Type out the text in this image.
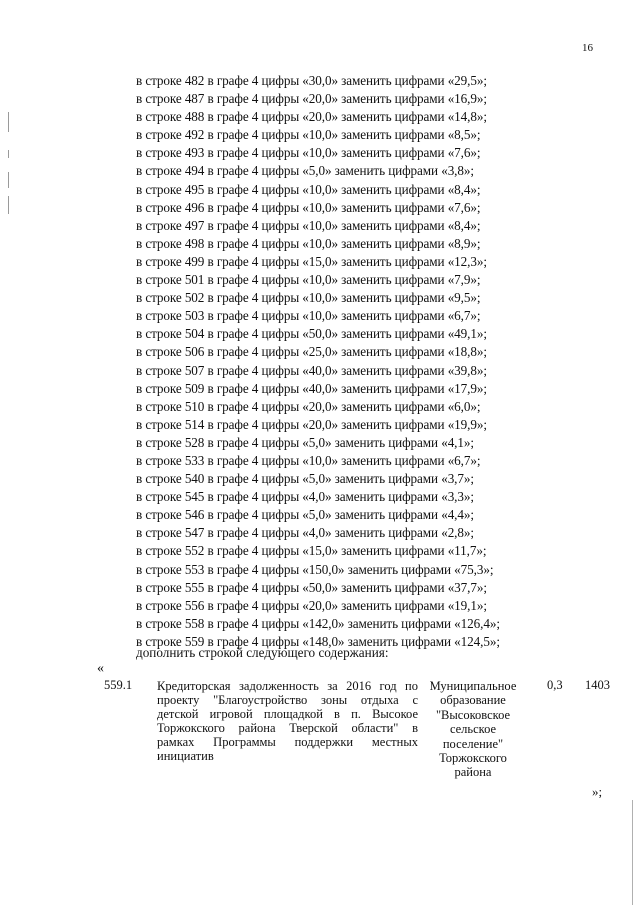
16
в строке 482 в графе 4 цифры «30,0» заменить цифрами «29,5»;
в строке 487 в графе 4 цифры «20,0» заменить цифрами «16,9»;
в строке 488 в графе 4 цифры «20,0» заменить цифрами «14,8»;
в строке 492 в графе 4 цифры «10,0» заменить цифрами «8,5»;
в строке 493 в графе 4 цифры «10,0» заменить цифрами «7,6»;
в строке 494 в графе 4 цифры «5,0» заменить цифрами «3,8»;
в строке 495 в графе 4 цифры «10,0» заменить цифрами «8,4»;
в строке 496 в графе 4 цифры «10,0» заменить цифрами «7,6»;
в строке 497 в графе 4 цифры «10,0» заменить цифрами «8,4»;
в строке 498 в графе 4 цифры «10,0» заменить цифрами «8,9»;
в строке 499 в графе 4 цифры «15,0» заменить цифрами «12,3»;
в строке 501 в графе 4 цифры «10,0» заменить цифрами «7,9»;
в строке 502 в графе 4 цифры «10,0» заменить цифрами «9,5»;
в строке 503 в графе 4 цифры «10,0» заменить цифрами «6,7»;
в строке 504 в графе 4 цифры «50,0» заменить цифрами «49,1»;
в строке 506 в графе 4 цифры «25,0» заменить цифрами «18,8»;
в строке 507 в графе 4 цифры «40,0» заменить цифрами «39,8»;
в строке 509 в графе 4 цифры «40,0» заменить цифрами «17,9»;
в строке 510 в графе 4 цифры «20,0» заменить цифрами «6,0»;
в строке 514 в графе 4 цифры «20,0» заменить цифрами «19,9»;
в строке 528 в графе 4 цифры «5,0» заменить цифрами «4,1»;
в строке 533 в графе 4 цифры «10,0» заменить цифрами «6,7»;
в строке 540 в графе 4 цифры «5,0» заменить цифрами «3,7»;
в строке 545 в графе 4 цифры «4,0» заменить цифрами «3,3»;
в строке 546 в графе 4 цифры «5,0» заменить цифрами «4,4»;
в строке 547 в графе 4 цифры «4,0» заменить цифрами «2,8»;
в строке 552 в графе 4 цифры «15,0» заменить цифрами «11,7»;
в строке 553 в графе 4 цифры «150,0» заменить цифрами «75,3»;
в строке 555 в графе 4 цифры «50,0» заменить цифрами «37,7»;
в строке 556 в графе 4 цифры «20,0» заменить цифрами «19,1»;
в строке 558 в графе 4 цифры «142,0» заменить цифрами «126,4»;
в строке 559 в графе 4 цифры «148,0» заменить цифрами «124,5»;
дополнить строкой следующего содержания:
«
559.1 Кредиторская задолженность за 2016 год по
проекту "Благоустройство зоны отдыха с
детской игровой площадкой в п. Высокое
Торжокского района Тверской области" в
рамках Программы поддержки местных
инициатив
Муниципальное
образование
"Высоковское
сельское
поселение"
Торжокского
района
0,3 1403
»;
